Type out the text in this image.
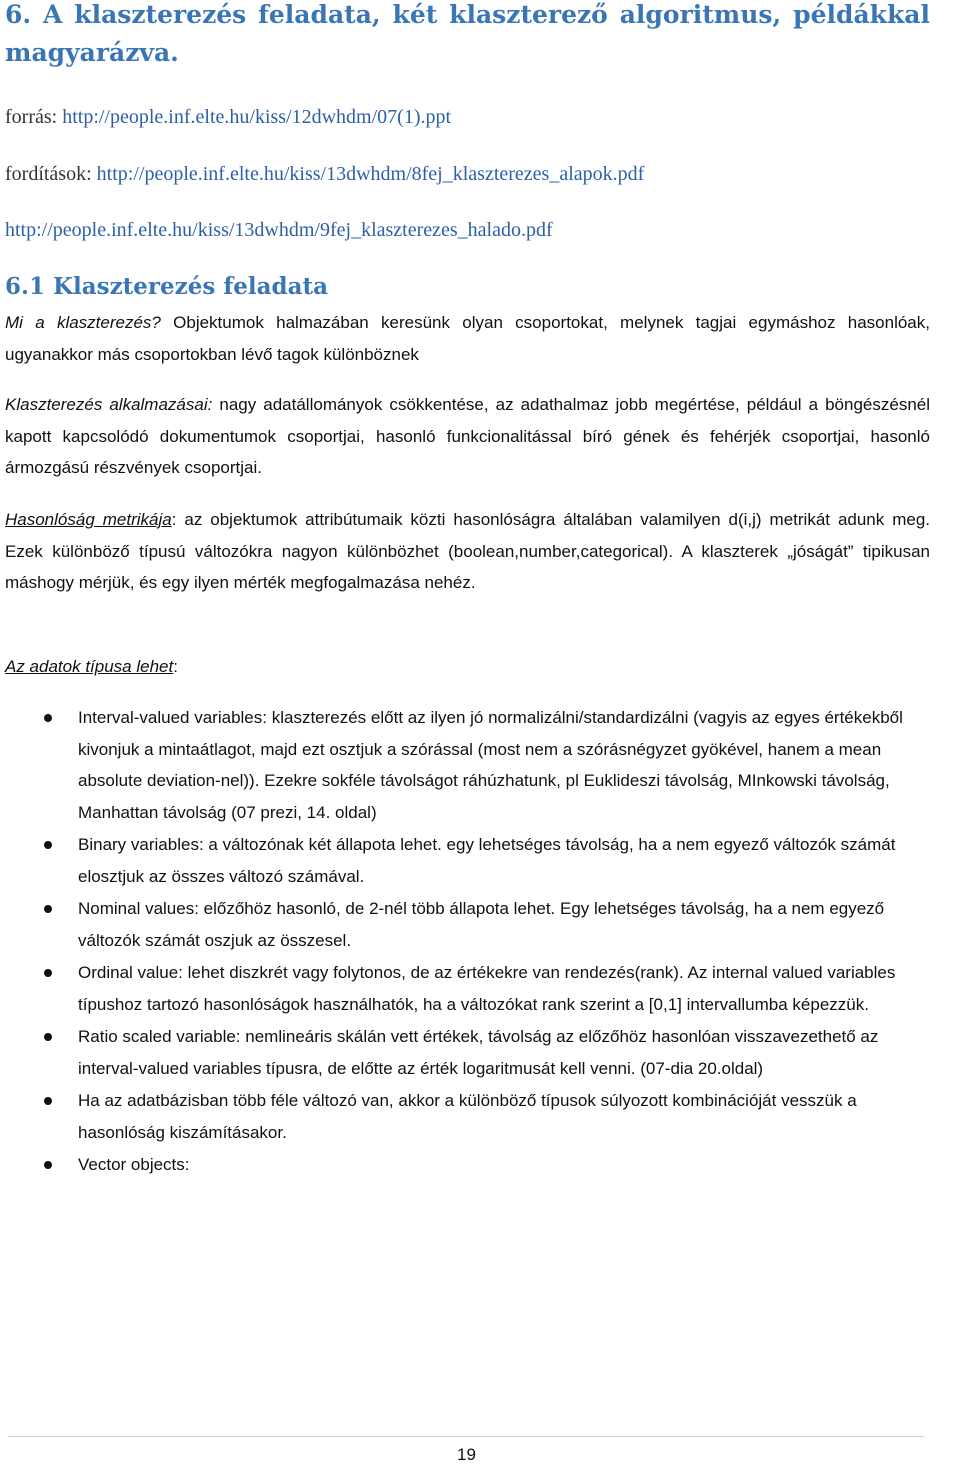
6. A klaszterezés feladata, két klaszterező algoritmus, példákkal magyarázva.

forrás: http://people.inf.elte.hu/kiss/12dwhdm/07(1).ppt

fordítások: http://people.inf.elte.hu/kiss/13dwhdm/8fej_klaszterezes_alapok.pdf

http://people.inf.elte.hu/kiss/13dwhdm/9fej_klaszterezes_halado.pdf

6.1 Klaszterezés feladata

Mi a klaszterezés? Objektumok halmazában keresünk olyan csoportokat, melynek tagjai egymáshoz hasonlóak, ugyanakkor más csoportokban lévő tagok különböznek

Klaszterezés alkalmazásai: nagy adatállományok csökkentése, az adathalmaz jobb megértése, például a böngészésnél kapott kapcsolódó dokumentumok csoportjai, hasonló funkcionalitással bíró gének és fehérjék csoportjai, hasonló ármozgású részvények csoportjai.

Hasonlóság metrikája: az objektumok attribútumaik közti hasonlóságra általában valamilyen d(i,j) metrikát adunk meg. Ezek különböző típusú változókra nagyon különbözhet (boolean,number,categorical). A klaszterek „jóságát” tipikusan máshogy mérjük, és egy ilyen mérték megfogalmazása nehéz.

Az adatok típusa lehet:

Interval-valued variables: klaszterezés előtt az ilyen jó normalizálni/standardizálni (vagyis az egyes értékekből kivonjuk a mintaátlagot, majd ezt osztjuk a szórással (most nem a szórásnégyzet gyökével, hanem a mean absolute deviation-nel)). Ezekre sokféle távolságot ráhúzhatunk, pl Euklideszi távolság, MInkowski távolság, Manhattan távolság (07 prezi, 14. oldal)
Binary variables: a változónak két állapota lehet. egy lehetséges távolság, ha a nem egyező változók számát elosztjuk az összes változó számával.
Nominal values: előzőhöz hasonló, de 2-nél több állapota lehet. Egy lehetséges távolság, ha a nem egyező változók számát oszjuk az összesel.
Ordinal value: lehet diszkrét vagy folytonos, de az értékekre van rendezés(rank). Az internal valued variables típushoz tartozó hasonlóságok használhatók, ha a változókat rank szerint a [0,1] intervallumba képezzük.
Ratio scaled variable: nemlineáris skálán vett értékek, távolság az előzőhöz hasonlóan visszavezethető az interval-valued variables típusra, de előtte az érték logaritmusát kell venni. (07-dia 20.oldal)
Ha az adatbázisban több féle változó van, akkor a különböző típusok súlyozott kombinációját vesszük a hasonlóság kiszámításakor.
Vector objects:
19
